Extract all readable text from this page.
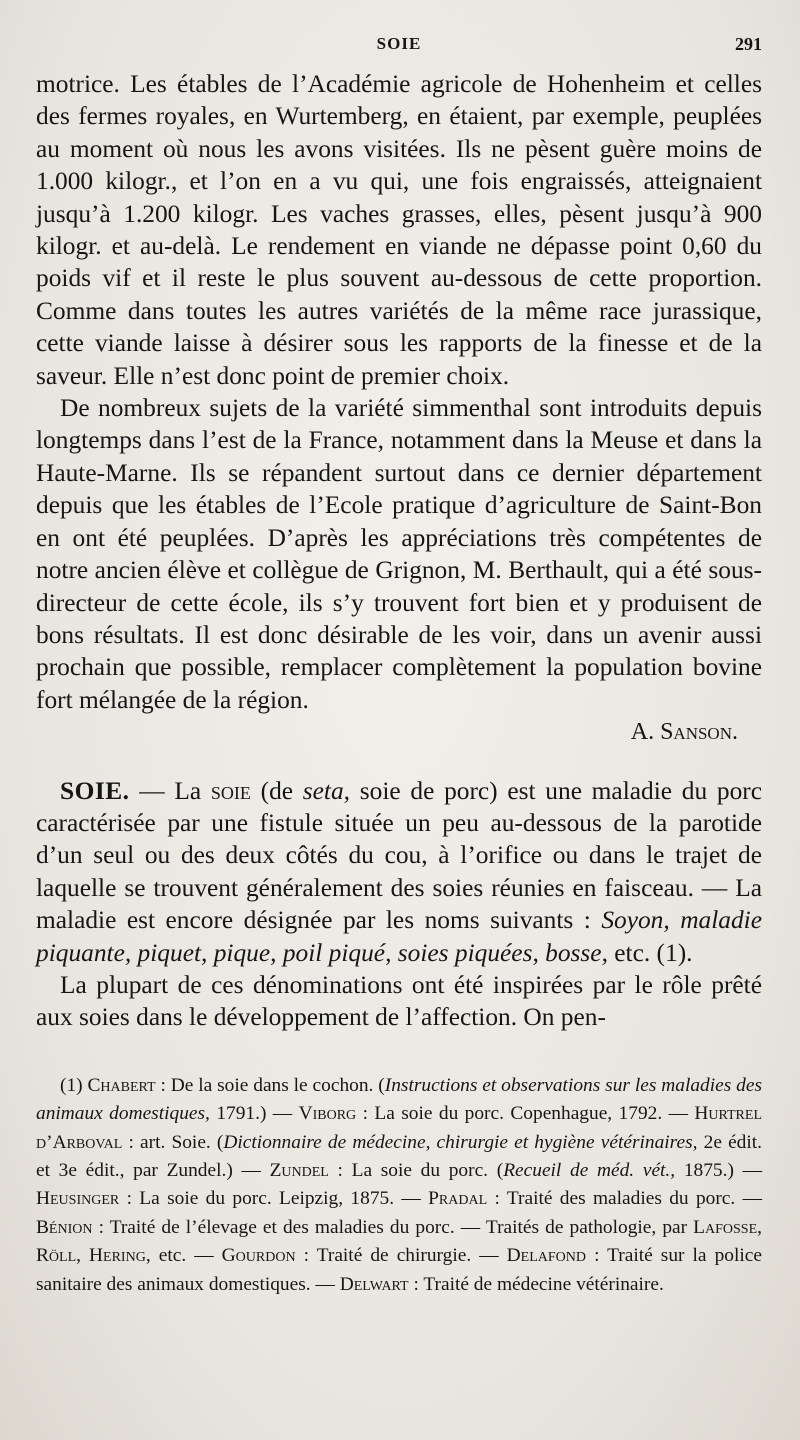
SOIE	291

motrice. Les étables de l’Académie agricole de Hohenheim et celles des fermes royales, en Wurtemberg, en étaient, par exemple, peuplées au moment où nous les avons visitées. Ils ne pèsent guère moins de 1.000 kilogr., et l’on en a vu qui, une fois engraissés, atteignaient jusqu’à 1.200 kilogr. Les vaches grasses, elles, pèsent jusqu’à 900 kilogr. et au-delà. Le rendement en viande ne dépasse point 0,60 du poids vif et il reste le plus souvent au-dessous de cette proportion. Comme dans toutes les autres variétés de la même race jurassique, cette viande laisse à désirer sous les rapports de la finesse et de la saveur. Elle n’est donc point de premier choix.

De nombreux sujets de la variété simmenthal sont introduits depuis longtemps dans l’est de la France, notamment dans la Meuse et dans la Haute-Marne. Ils se répandent surtout dans ce dernier département depuis que les étables de l’Ecole pratique d’agriculture de Saint-Bon en ont été peuplées. D’après les appréciations très compétentes de notre ancien élève et collègue de Grignon, M. Berthault, qui a été sous-directeur de cette école, ils s’y trouvent fort bien et y produisent de bons résultats. Il est donc désirable de les voir, dans un avenir aussi prochain que possible, remplacer complètement la population bovine fort mélangée de la région.

A. Sanson.

SOIE. — La soie (de seta, soie de porc) est une maladie du porc caractérisée par une fistule située un peu au-dessous de la parotide d’un seul ou des deux côtés du cou, à l’orifice ou dans le trajet de laquelle se trouvent généralement des soies réunies en faisceau. — La maladie est encore désignée par les noms suivants : Soyon, maladie piquante, piquet, pique, poil piqué, soies piquées, bosse, etc. (1).

La plupart de ces dénominations ont été inspirées par le rôle prêté aux soies dans le développement de l’affection. On pen-

(1) Chabert : De la soie dans le cochon. (Instructions et observations sur les maladies des animaux domestiques, 1791.) — Viborg : La soie du porc. Copenhague, 1792. — Hurtrel d’Arboval : art. Soie. (Dictionnaire de médecine, chirurgie et hygiène vétérinaires, 2e édit. et 3e édit., par Zundel.) — Zundel : La soie du porc. (Recueil de méd. vét., 1875.) — Heusinger : La soie du porc. Leipzig, 1875. — Pradal : Traité des maladies du porc. — Bénion : Traité de l’élevage et des maladies du porc. — Traités de pathologie, par Lafosse, Röll, Hering, etc. — Gourdon : Traité de chirurgie. — Delafond : Traité sur la police sanitaire des animaux domestiques. — Delwart : Traité de médecine vétérinaire.
